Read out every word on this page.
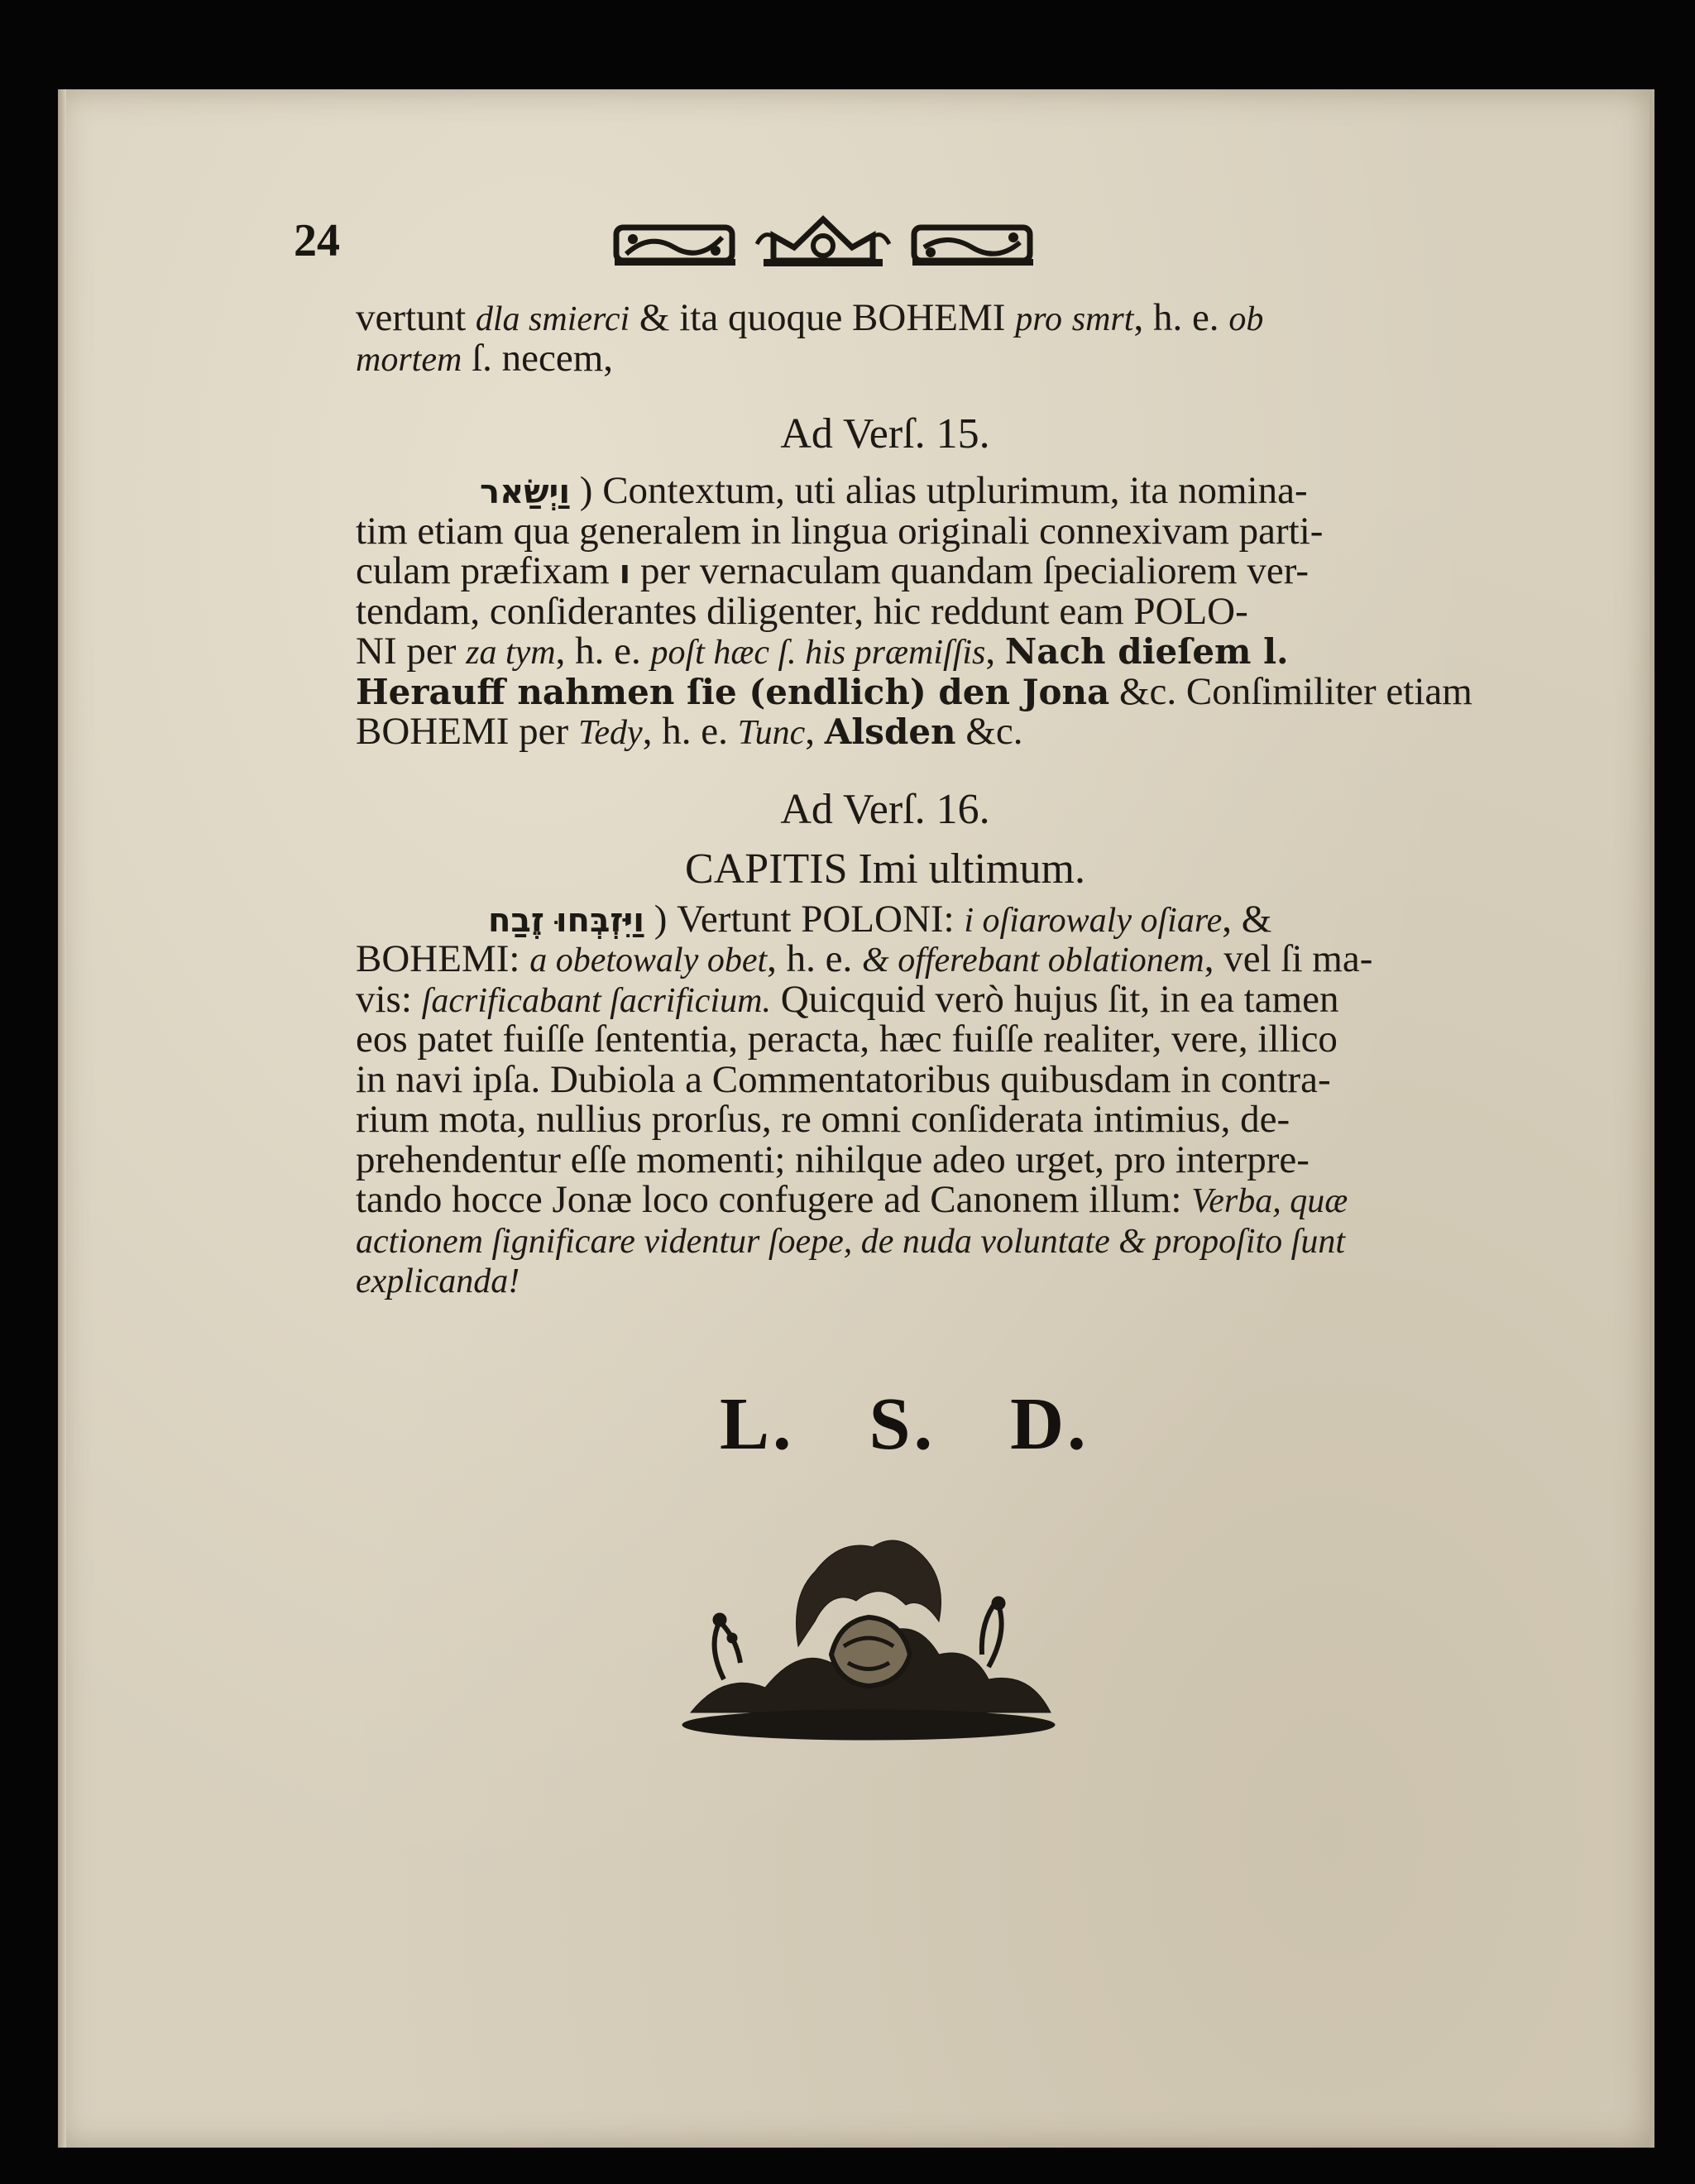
24
vertunt dla smierci & ita quoque BOHEMI pro smrt, h. e. ob
mortem ſ. necem,
Ad Verſ. 15.
וַיְשַׂאר ) Contextum, uti alias utplurimum, ita nomina-
tim etiam qua generalem in lingua originali connexivam parti-
culam præfixam ו per vernaculam quandam ſpecialiorem ver-
tendam, conſiderantes diligenter, hic reddunt eam POLO-
NI per za tym, h. e. poſt hæc ſ. his præmiſſis, Nach dieſem l.
Herauff nahmen ſie (endlich) den Jona &c. Conſimiliter etiam
BOHEMI per Tedy, h. e. Tunc, Alsden &c.
Ad Verſ. 16.
CAPITIS Imi ultimum.
וַיִּזְבְּחוּ זֶבַח ) Vertunt POLONI: i oſiarowaly oſiare, &
BOHEMI: a obetowaly obet, h. e. & offerebant oblationem, vel ſi ma-
vis: ſacrificabant ſacrificium. Quicquid verò hujus ſit, in ea tamen
eos patet fuiſſe ſententia, peracta, hæc fuiſſe realiter, vere, illico
in navi ipſa. Dubiola a Commentatoribus quibusdam in contra-
rium mota, nullius prorſus, re omni conſiderata intimius, de-
prehendentur eſſe momenti; nihilque adeo urget, pro interpre-
tando hocce Jonæ loco confugere ad Canonem illum: Verba, quæ
actionem ſignificare videntur ſoepe, de nuda voluntate & propoſito ſunt
explicanda!
L. S. D.
